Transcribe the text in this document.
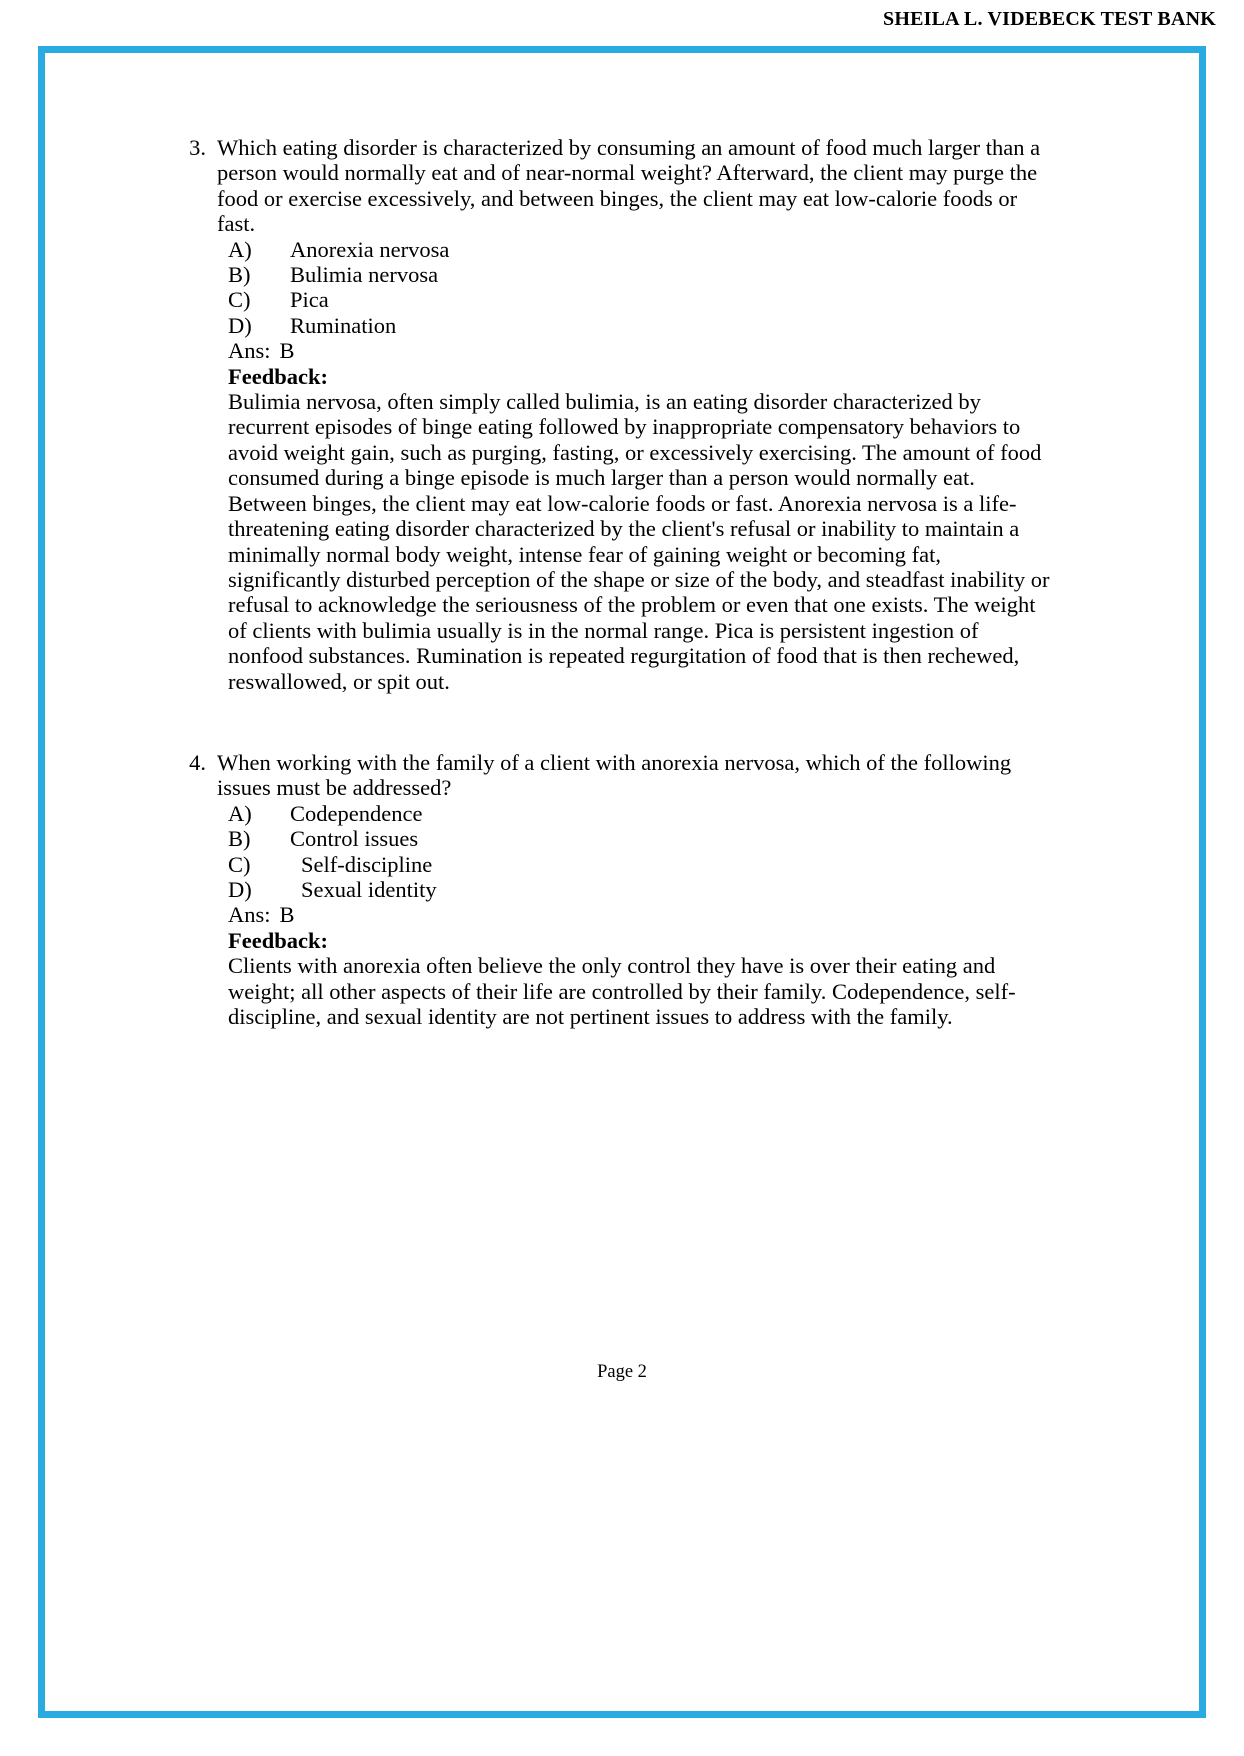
SHEILA L. VIDEBECK TEST BANK
3. Which eating disorder is characterized by consuming an amount of food much larger than a person would normally eat and of near-normal weight? Afterward, the client may purge the food or exercise excessively, and between binges, the client may eat low-calorie foods or fast.
A)	Anorexia nervosa
B)	Bulimia nervosa
C)	Pica
D)	Rumination
Ans: B
Feedback:
Bulimia nervosa, often simply called bulimia, is an eating disorder characterized by recurrent episodes of binge eating followed by inappropriate compensatory behaviors to avoid weight gain, such as purging, fasting, or excessively exercising. The amount of food consumed during a binge episode is much larger than a person would normally eat. Between binges, the client may eat low-calorie foods or fast. Anorexia nervosa is a life-threatening eating disorder characterized by the client's refusal or inability to maintain a minimally normal body weight, intense fear of gaining weight or becoming fat, significantly disturbed perception of the shape or size of the body, and steadfast inability or refusal to acknowledge the seriousness of the problem or even that one exists. The weight of clients with bulimia usually is in the normal range. Pica is persistent ingestion of nonfood substances. Rumination is repeated regurgitation of food that is then rechewed, reswallowed, or spit out.
4. When working with the family of a client with anorexia nervosa, which of the following issues must be addressed?
A)	Codependence
B)	Control issues
C)	Self-discipline
D)	Sexual identity
Ans: B
Feedback:
Clients with anorexia often believe the only control they have is over their eating and weight; all other aspects of their life are controlled by their family. Codependence, self-discipline, and sexual identity are not pertinent issues to address with the family.
Page 2
